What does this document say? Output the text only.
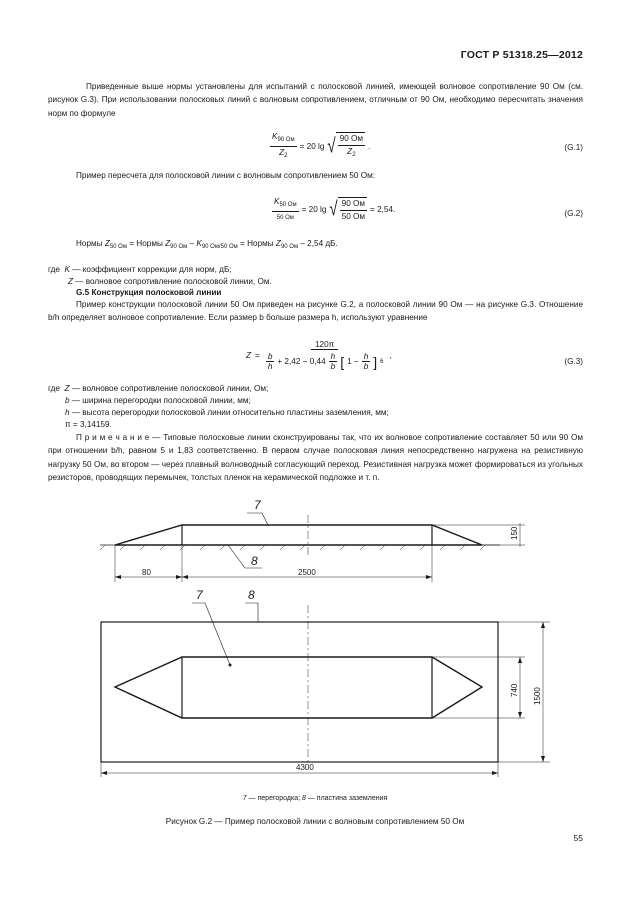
ГОСТ Р 51318.25—2012

Приведенные выше нормы установлены для испытаний с полосковой линией, имеющей волновое сопротивление 90 Ом (см. рисунок G.3). При использовании полосковых линий с волновым сопротивлением, отличным от 90 Ом, необходимо пересчитать значения норм по формуле

$\frac{K_{90 Ом}}{Z_2} = 20$ lg √ $\frac{90 Ом}{Z_2}$ .	(G.1)
Пример пересчета для полосковой линии с волновым сопротивлением 50 Ом:
$\frac{K_{50 Ом}}{50 Ом} = 20$ lg √ $\frac{90 Ом}{50 Ом} = 2,54$.	(G.2)
Нормы $Z_{50 Ом}$ = Нормы $Z_{90 Ом} - K_{90 Ом/50 Ом}$ = Нормы $Z_{90 Ом} - 2,54$ дБ.
где K — коэффициент коррекции для норм, дБ;
Z — волновое сопротивление полосковой линии, Ом.
G.5 Конструкция полосковой линии

Пример конструкции полосковой линии 50 Ом приведен на рисунке G.2, а полосковой линии 90 Ом — на рисунке G.3. Отношение b/h определяет волновое сопротивление. Если размер b больше размера h, используют уравнение

Z =
120π
$\frac{b}{h} + 2,42 - 0,44 \frac{h}{b}$ [ $1 - \frac{h}{b}$ ] 6
,
(G.3)
где Z — волновое сопротивление полосковой линии, Ом;
b — ширина перегородки полосковой линии, мм;
h — высота перегородки полосковой линии относительно пластины заземления, мм;
π = 3,14159.

П р и м е ч а н и е — Типовые полосковые линии сконструированы так, что их волновое сопротивление составляет 50 или 90 Ом при отношении b/h, равном 5 и 1,83 соответственно. В первом случае полосковая линия непосредственно нагружена на резистивную нагрузку 50 Ом, во втором — через плавный волноводный согласующий переход. Резистивная нагрузка может формироваться из угольных резисторов, проводящих перемычек, толстых пленок на керамической подложке и т. п.

7
8
150
80	2500
7	8
740 1500
4300
7 — перегородка; 8 — пластина заземления
Рисунок G.2 — Пример полосковой линии с волновым сопротивлением 50 Ом
55
